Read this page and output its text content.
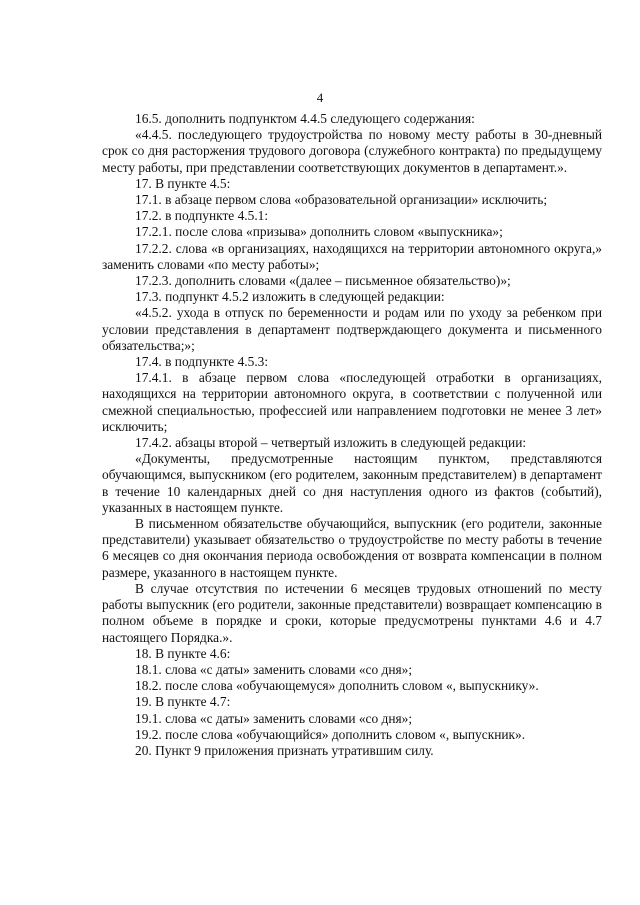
4

16.5. дополнить подпунктом 4.4.5 следующего содержания:

«4.4.5. последующего трудоустройства по новому месту работы в 30-дневный срок со дня расторжения трудового договора (служебного контракта) по предыдущему месту работы, при представлении соответствующих документов в департамент.».

17. В пункте 4.5:

17.1. в абзаце первом слова «образовательной организации» исключить;

17.2. в подпункте 4.5.1:

17.2.1. после слова «призыва» дополнить словом «выпускника»;

17.2.2. слова «в организациях, находящихся на территории автономного округа,» заменить словами «по месту работы»;

17.2.3. дополнить словами «(далее – письменное обязательство)»;

17.3. подпункт 4.5.2 изложить в следующей редакции:

«4.5.2. ухода в отпуск по беременности и родам или по уходу за ребенком при условии представления в департамент подтверждающего документа и письменного обязательства;»;

17.4. в подпункте 4.5.3:

17.4.1. в абзаце первом слова «последующей отработки в организациях, находящихся на территории автономного округа, в соответствии с полученной или смежной специальностью, профессией или направлением подготовки не менее 3 лет» исключить;

17.4.2. абзацы второй – четвертый изложить в следующей редакции:

«Документы, предусмотренные настоящим пунктом, представляются обучающимся, выпускником (его родителем, законным представителем) в департамент в течение 10 календарных дней со дня наступления одного из фактов (событий), указанных в настоящем пункте.

В письменном обязательстве обучающийся, выпускник (его родители, законные представители) указывает обязательство о трудоустройстве по месту работы в течение 6 месяцев со дня окончания периода освобождения от возврата компенсации в полном размере, указанного в настоящем пункте.

В случае отсутствия по истечении 6 месяцев трудовых отношений по месту работы выпускник (его родители, законные представители) возвращает компенсацию в полном объеме в порядке и сроки, которые предусмотрены пунктами 4.6 и 4.7 настоящего Порядка.».

18. В пункте 4.6:

18.1. слова «с даты» заменить словами «со дня»;

18.2. после слова «обучающемуся» дополнить словом «, выпускнику».

19. В пункте 4.7:

19.1. слова «с даты» заменить словами «со дня»;

19.2. после слова «обучающийся» дополнить словом «, выпускник».

20. Пункт 9 приложения признать утратившим силу.
